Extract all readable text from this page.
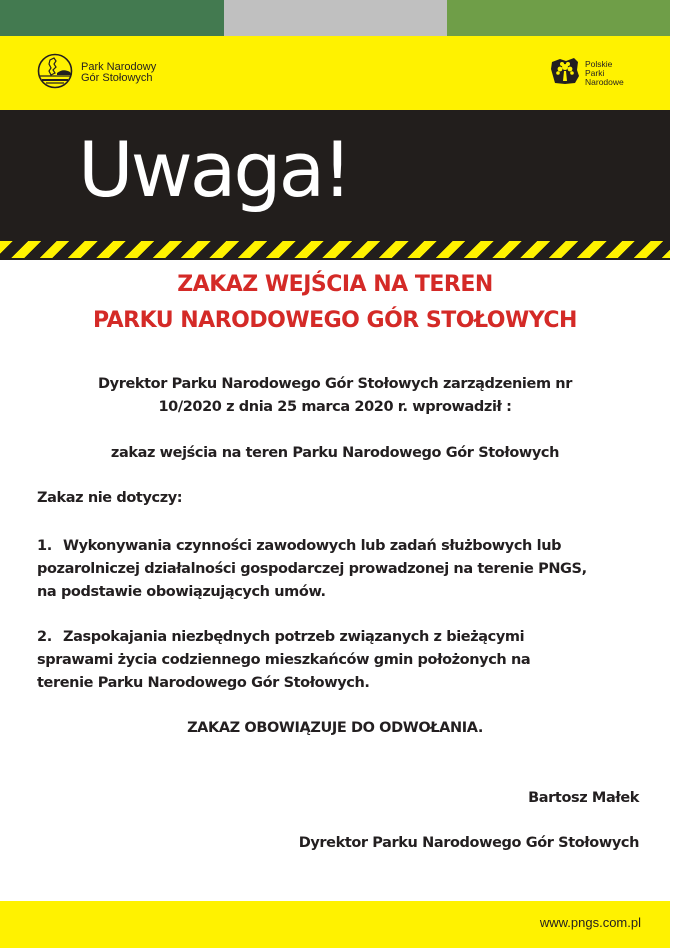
Park Narodowy
Gór Stołowych
Polskie
Parki
Narodowe
Uwaga!
ZAKAZ WEJŚCIA NA TEREN
PARKU NARODOWEGO GÓR STOŁOWYCH
Dyrektor Parku Narodowego Gór Stołowych zarządzeniem nr
10/2020 z dnia 25 marca 2020 r. wprowadził :
zakaz wejścia na teren Parku Narodowego Gór Stołowych
Zakaz nie dotyczy:
1. Wykonywania czynności zawodowych lub zadań służbowych lub
pozarolniczej działalności gospodarczej prowadzonej na terenie PNGS,
na podstawie obowiązujących umów.
2. Zaspokajania niezbędnych potrzeb związanych z bieżącymi
sprawami życia codziennego mieszkańców gmin położonych na
terenie Parku Narodowego Gór Stołowych.
ZAKAZ OBOWIĄZUJE DO ODWOŁANIA.
Bartosz Małek
Dyrektor Parku Narodowego Gór Stołowych
www.pngs.com.pl
